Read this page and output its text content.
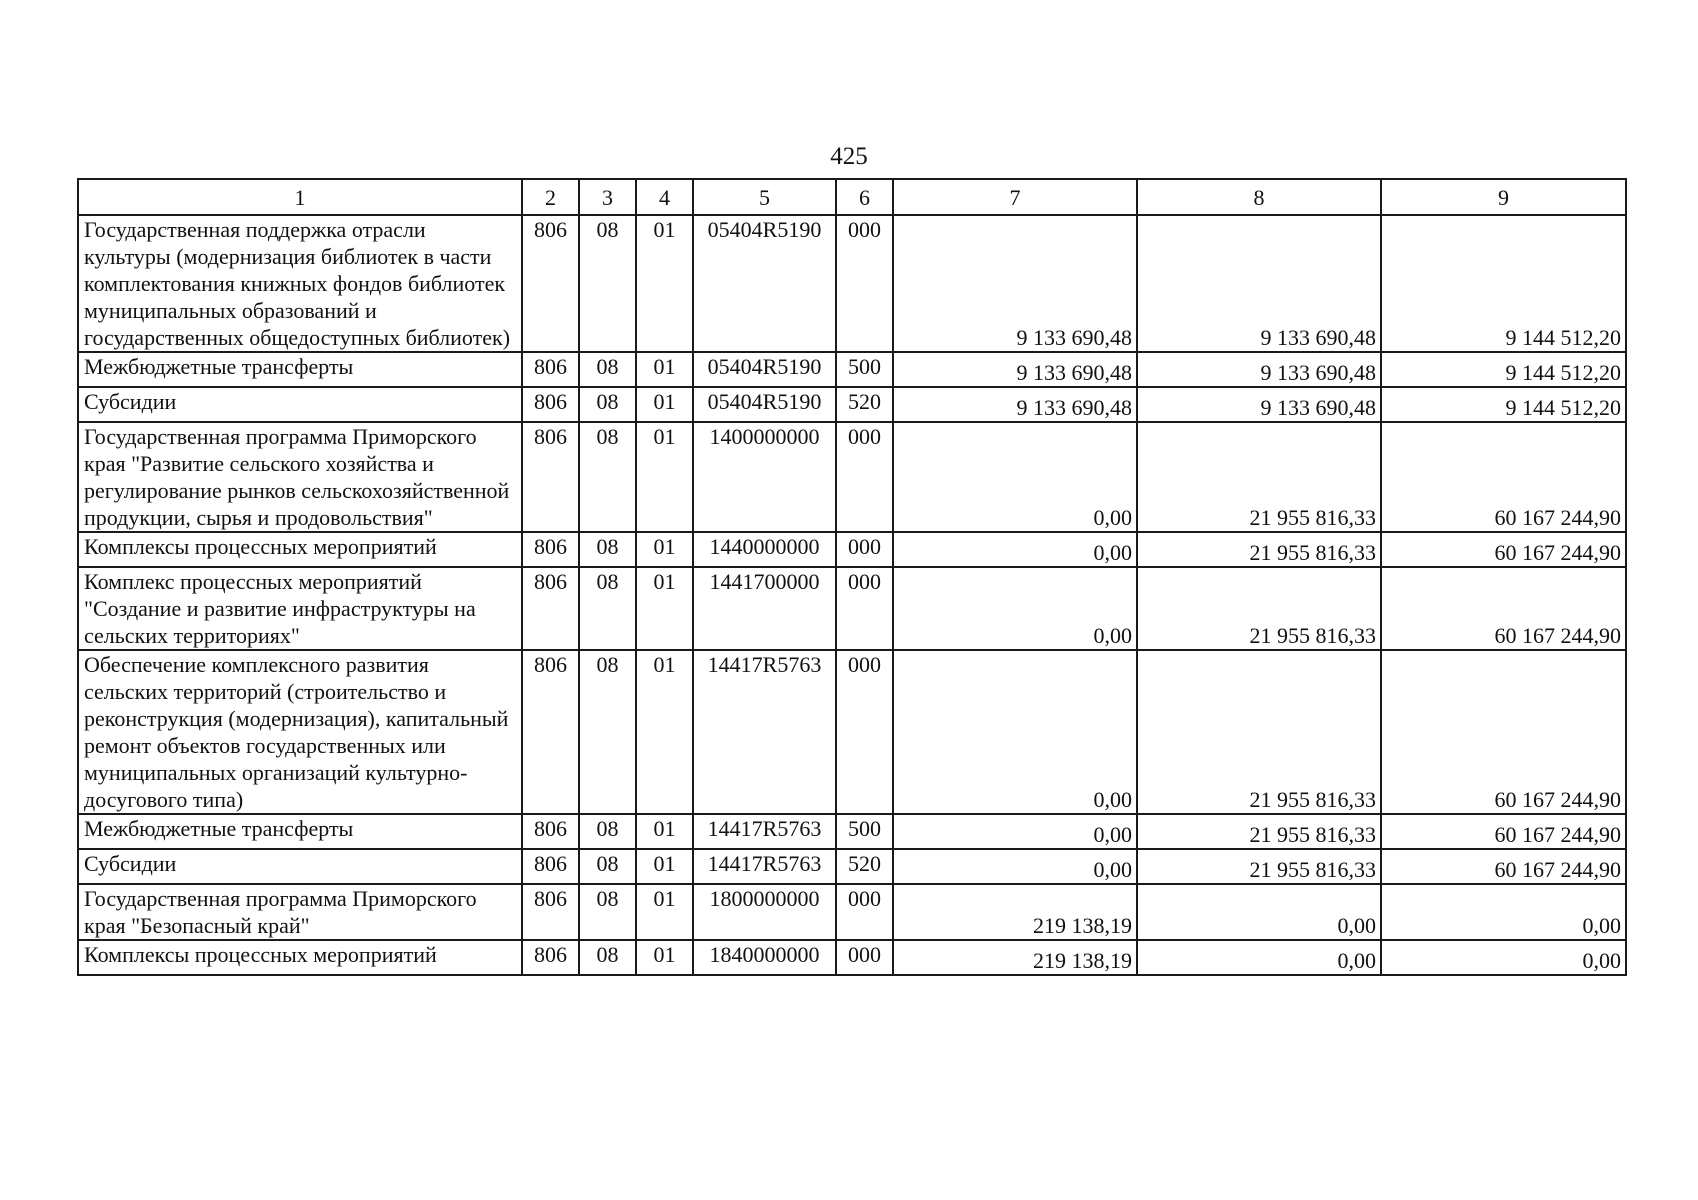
425
1	2	3	4	5	6	7	8	9
Государственная поддержка отрасли культуры (модернизация библиотек в части комплектования книжных фондов библиотек муниципальных образований и государственных общедоступных библиотек)	806	08	01	05404R5190	000	9 133 690,48	9 133 690,48	9 144 512,20
Межбюджетные трансферты	806	08	01	05404R5190	500	9 133 690,48	9 133 690,48	9 144 512,20
Субсидии	806	08	01	05404R5190	520	9 133 690,48	9 133 690,48	9 144 512,20
Государственная программа Приморского края "Развитие сельского хозяйства и регулирование рынков сельскохозяйственной продукции, сырья и продовольствия"	806	08	01	1400000000	000	0,00	21 955 816,33	60 167 244,90
Комплексы процессных мероприятий	806	08	01	1440000000	000	0,00	21 955 816,33	60 167 244,90
Комплекс процессных мероприятий "Создание и развитие инфраструктуры на сельских территориях"	806	08	01	1441700000	000	0,00	21 955 816,33	60 167 244,90
Обеспечение комплексного развития сельских территорий (строительство и реконструкция (модернизация), капитальный ремонт объектов государственных или муниципальных организаций культурно-досугового типа)	806	08	01	14417R5763	000	0,00	21 955 816,33	60 167 244,90
Межбюджетные трансферты	806	08	01	14417R5763	500	0,00	21 955 816,33	60 167 244,90
Субсидии	806	08	01	14417R5763	520	0,00	21 955 816,33	60 167 244,90
Государственная программа Приморского края "Безопасный край"	806	08	01	1800000000	000	219 138,19	0,00	0,00
Комплексы процессных мероприятий	806	08	01	1840000000	000	219 138,19	0,00	0,00
